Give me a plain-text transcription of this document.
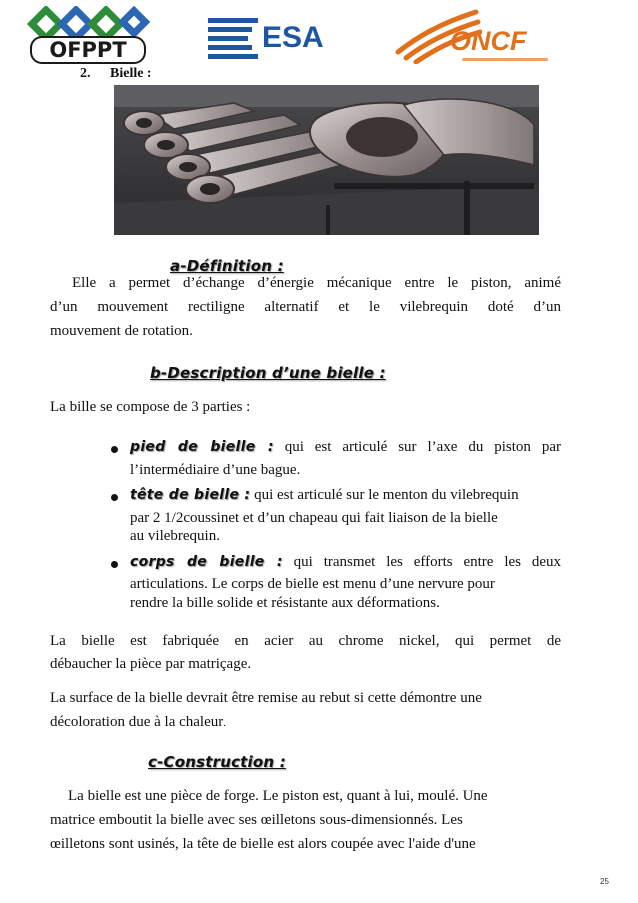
OFPPT	ESA	ONCF
2. Bielle :
a-Définition :
Elle a permet d’échange d’énergie mécanique entre le piston, animé
d’un mouvement rectiligne alternatif et le vilebrequin doté d’un
mouvement de rotation.
b-Description d’une bielle :
La bille se compose de 3 parties :
pied de bielle : qui est articulé sur l’axe du piston par
l’intermédiaire d’une bague.
tête de bielle : qui est articulé sur le menton du vilebrequin
par 2 1/2coussinet et d’un chapeau qui fait liaison de la bielle
au vilebrequin.
corps de bielle : qui transmet les efforts entre les deux
articulations. Le corps de bielle est menu d’une nervure pour
rendre la bille solide et résistante aux déformations.
La bielle est fabriquée en acier au chrome nickel, qui permet de
débaucher la pièce par matriçage.
La surface de la bielle devrait être remise au rebut si cette démontre une
décoloration due à la chaleur.
c-Construction :
La bielle est une pièce de forge. Le piston est, quant à lui, moulé. Une
matrice emboutit la bielle avec ses œilletons sous-dimensionnés. Les
œilletons sont usinés, la tête de bielle est alors coupée avec l'aide d'une
25
